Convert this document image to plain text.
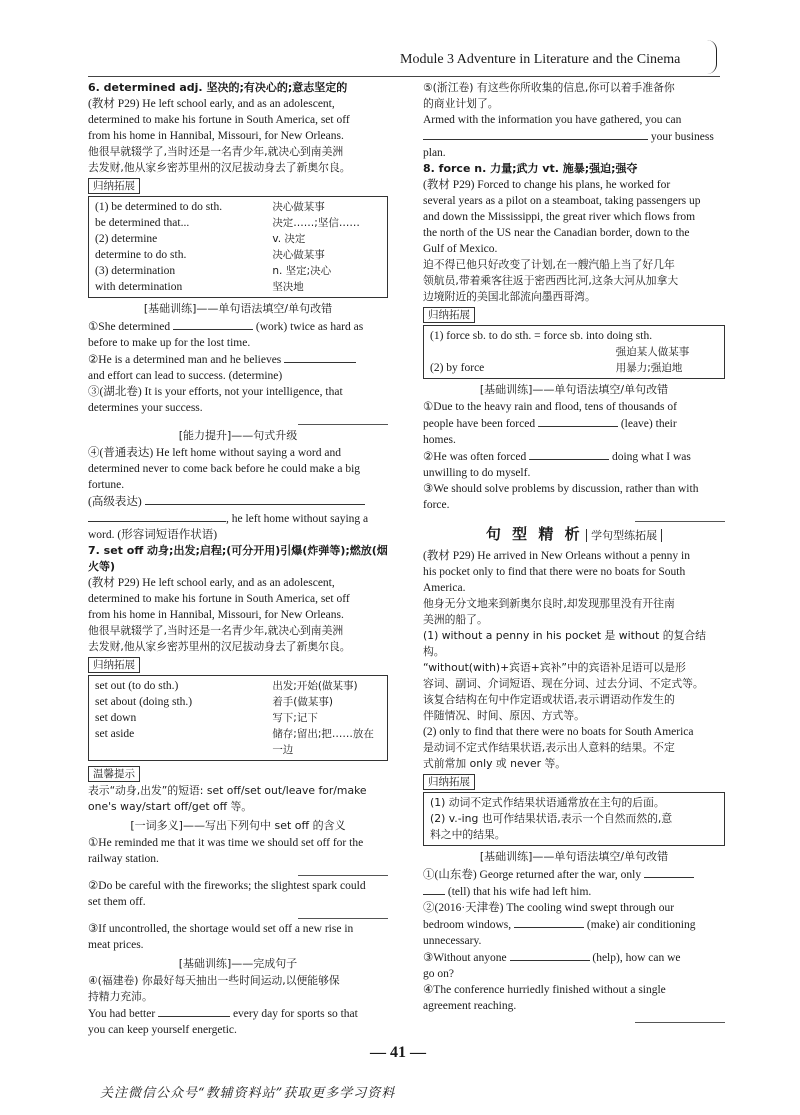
Module 3 Adventure in Literature and the Cinema

6. determined adj. 坚决的;有决心的;意志坚定的

(教材 P29) He left school early, and as an adolescent,

determined to make his fortune in South America, set off

from his home in Hannibal, Missouri, for New Orleans.

他很早就辍学了,当时还是一名青少年,就决心到南美洲

去发财,他从家乡密苏里州的汉尼拔动身去了新奥尔良。

归纳拓展
(1) be determined to do sth.	决心做某事
be determined that...	决定……;坚信……
(2) determine	v. 决定
determine to do sth.	决心做某事
(3) determination	n. 坚定;决心
with determination	坚决地
[基础训练]——单句语法填空/单句改错

①She determined	(work) twice as hard as

before to make up for the lost time.

②He is a determined man and he believes

and effort can lead to success. (determine)

③(湖北卷) It is your efforts, not your intelligence, that

determines your success.

[能力提升]——句式升级

④(普通表达) He left home without saying a word and

determined never to come back before he could make a big

fortune.

(高级表达)

, he left home without saying a

word. (形容词短语作状语)

7. set off 动身;出发;启程;(可分开用)引爆(炸弹等);燃放(烟火等)

(教材 P29) He left school early, and as an adolescent,

determined to make his fortune in South America, set off

from his home in Hannibal, Missouri, for New Orleans.

他很早就辍学了,当时还是一名青少年,就决心到南美洲

去发财,他从家乡密苏里州的汉尼拔动身去了新奥尔良。

归纳拓展
set out (to do sth.)	出发;开始(做某事)
set about (doing sth.)	着手(做某事)
set down	写下;记下
set aside	储存;留出;把……放在一边
温馨提示

表示“动身,出发”的短语: set off/set out/leave for/make

one's way/start off/get off 等。

[一词多义]——写出下列句中 set off 的含义

①He reminded me that it was time we should set off for the

railway station.

②Do be careful with the fireworks; the slightest spark could

set them off.

③If uncontrolled, the shortage would set off a new rise in

meat prices.

[基础训练]——完成句子

④(福建卷) 你最好每天抽出一些时间运动,以便能够保

持精力充沛。

You had better	every day for sports so that

you can keep yourself energetic.

⑤(浙江卷) 有这些你所收集的信息,你可以着手准备你

的商业计划了。

Armed with the information you have gathered, you can

your business

plan.

8. force n. 力量;武力 vt. 施暴;强迫;强夺

(教材 P29) Forced to change his plans, he worked for

several years as a pilot on a steamboat, taking passengers up

and down the Mississippi, the great river which flows from

the north of the US near the Canadian border, down to the

Gulf of Mexico.

迫不得已他只好改变了计划,在一艘汽船上当了好几年

领航员,带着乘客往返于密西西比河,这条大河从加拿大

边境附近的美国北部流向墨西哥湾。

归纳拓展
(1) force sb. to do sth. = force sb. into doing sth.	
	强迫某人做某事
(2) by force	用暴力;强迫地
[基础训练]——单句语法填空/单句改错

①Due to the heavy rain and flood, tens of thousands of

people have been forced	(leave) their

homes.

②He was often forced	doing what I was

unwilling to do myself.

③We should solve problems by discussion, rather than with

force.

句 型 精 析 学句型练拓展

(教材 P29) He arrived in New Orleans without a penny in

his pocket only to find that there were no boats for South

America.

他身无分文地来到新奥尔良时,却发现那里没有开往南

美洲的船了。

(1) without a penny in his pocket 是 without 的复合结构。

“without(with)+宾语+宾补”中的宾语补足语可以是形

容词、副词、介词短语、现在分词、过去分词、不定式等。

该复合结构在句中作定语或状语,表示谓语动作发生的

伴随情况、时间、原因、方式等。

(2) only to find that there were no boats for South America

是动词不定式作结果状语,表示出人意料的结果。不定

式前常加 only 或 never 等。

归纳拓展

(1) 动词不定式作结果状语通常放在主句的后面。

(2) v.-ing 也可作结果状语,表示一个自然而然的,意

料之中的结果。

[基础训练]——单句语法填空/单句改错

①(山东卷) George returned after the war, only

(tell) that his wife had left him.

②(2016·天津卷) The cooling wind swept through our

bedroom windows,	(make) air conditioning

unnecessary.

③Without anyone	(help), how can we

go on?

④The conference hurriedly finished without a single

agreement reaching.

— 41 —
关注微信公众号“教辅资料站”获取更多学习资料
